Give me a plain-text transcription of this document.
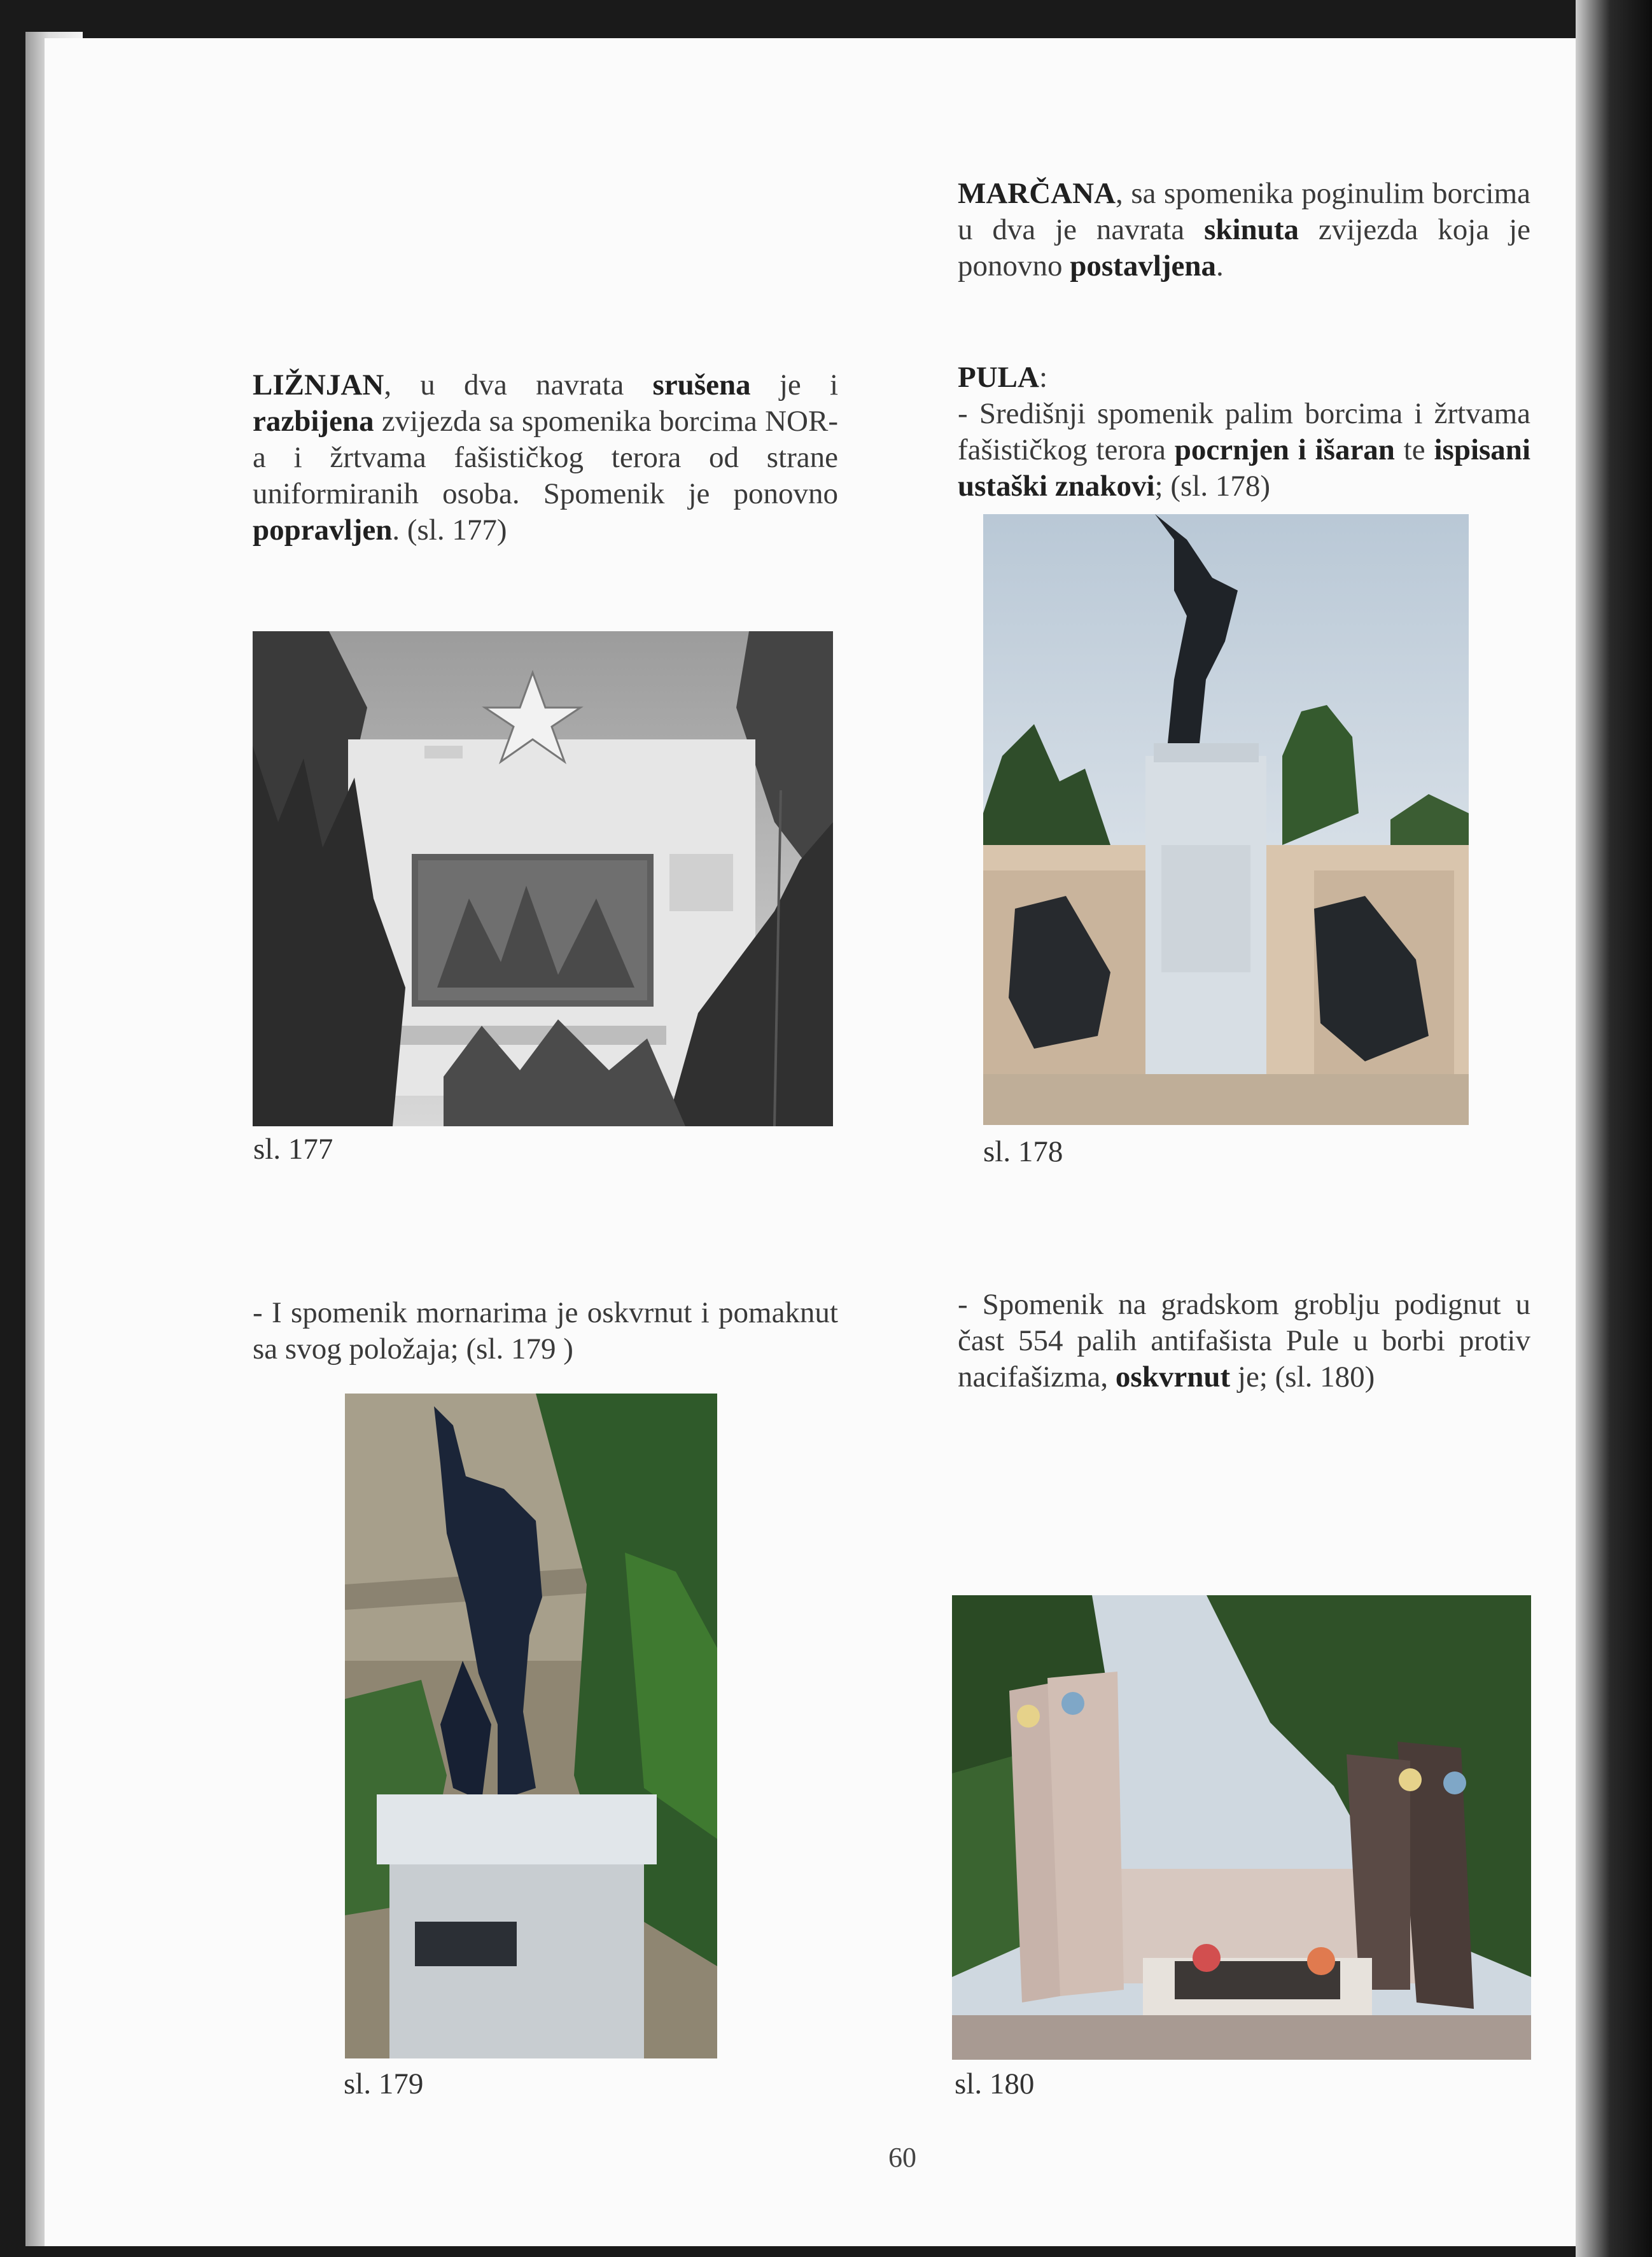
MARČANA, sa spomenika poginulim borcima u dva je navrata skinuta zvijezda koja je ponovno postavljena.
LIŽNJAN, u dva navrata srušena je i razbijena zvijezda sa spomenika borcima NOR-a i žrtvama fašističkog terora od strane uniformiranih osoba. Spomenik je ponovno popravljen. (sl. 177)
PULA:
- Središnji spomenik palim borcima i žrtvama fašističkog terora pocrnjen i išaran te ispisani ustaški znakovi; (sl. 178)
sl. 177	sl. 178
- I spomenik mornarima je oskvrnut i pomaknut sa svog položaja; (sl. 179 )
- Spomenik na gradskom groblju podignut u čast 554 palih antifašista Pule u borbi protiv nacifašizma, oskvrnut je; (sl. 180)
sl. 179	sl. 180
60
